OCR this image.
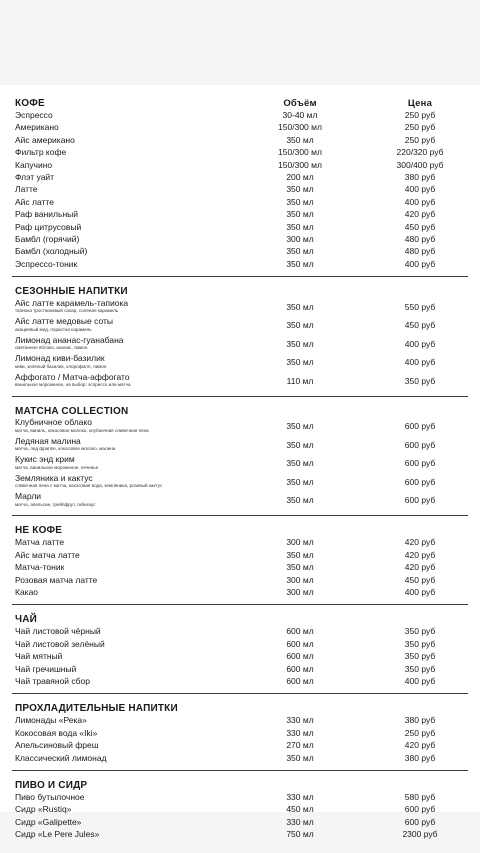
КОФЕ	Объём	Цена
Эспрессо	30-40 мл	250 руб
Американо	150/300 мл	250 руб
Айс американо	350 мл	250 руб
Фильтр кофе	150/300 мл	220/320 руб
Капучино	150/300 мл	300/400 руб
Флэт уайт	200 мл	380 руб
Латте	350 мл	400 руб
Айс латте	350 мл	400 руб
Раф ванильный	350 мл	420 руб
Раф цитрусовый	350 мл	450 руб
Бамбл (горячий)	300 мл	480 руб
Бамбл (холодный)	350 мл	480 руб
Эспрессо-тоник	350 мл	400 руб
СЕЗОННЫЕ НАПИТКИ
Айс латте карамель-тапиока
тапиока тростниковый сахар, соленая карамель	350 мл	550 руб
Айс латте медовые соты
акациевый мед, пористая карамель	350 мл	450 руб
Лимонад ананас-гуанабана
сметанное яблоко, ананас, лимон	350 мл	400 руб
Лимонад киви-базилик
киви, зеленый базилик, хлорофилл, лимон	350 мл	400 руб
Аффогато / Матча-аффогато
ванильное мороженое, на выбор: эспрессо или матча	110 мл	350 руб
MATCHA COLLECTION
Клубничное облако
матча, ваниль, кокосовое молоко, клубничная сливочная пена	350 мл	600 руб
Ледяная малина
матча, лед фраппе, кокосовое молоко, малина	350 мл	600 руб
Кукис энд крим
матча, ванильное мороженое, печенье	350 мл	600 руб
Земляника и кактус
сливочная пена с матча, кокосовая вода, земляника, розовый кактус	350 мл	600 руб
Марли
матча, апельсин, грейпфрут, гибискус	350 мл	600 руб
НЕ КОФЕ
Матча латте	300 мл	420 руб
Айс матча латте	350 мл	420 руб
Матча-тоник	350 мл	420 руб
Розовая матча латте	300 мл	450 руб
Какао	300 мл	400 руб
ЧАЙ
Чай листовой чёрный	600 мл	350 руб
Чай листовой зелёный	600 мл	350 руб
Чай мятный	600 мл	350 руб
Чай гречишный	600 мл	350 руб
Чай травяной сбор	600 мл	400 руб
ПРОХЛАДИТЕЛЬНЫЕ НАПИТКИ
Лимонады «Река»	330 мл	380 руб
Кокосовая вода «Iki»	330 мл	250 руб
Апельсиновый фреш	270 мл	420 руб
Классический лимонад	350 мл	380 руб
ПИВО И СИДР
Пиво бутылочное	330 мл	580 руб
Сидр «Rustiq»	450 мл	600 руб
Сидр «Galipette»	330 мл	600 руб
Сидр «Le Pere Jules»	750 мл	2300 руб
